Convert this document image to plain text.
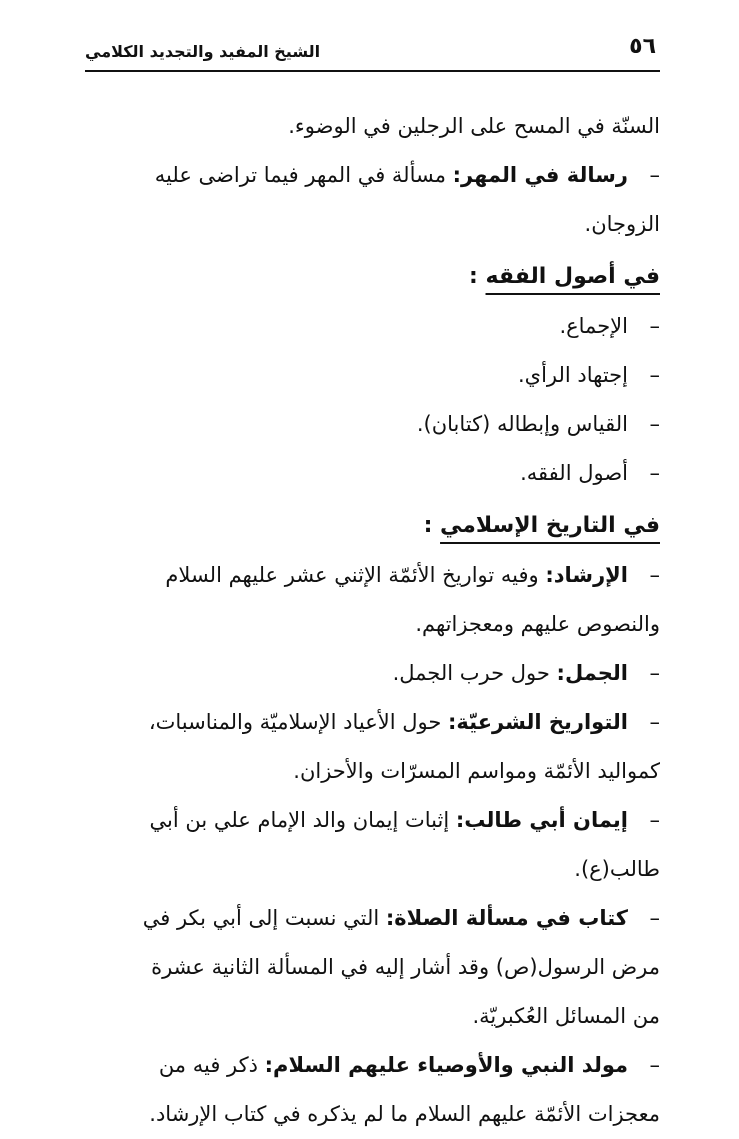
٥٦
الشيخ المفيد والتجديد الكلامي
السنّة في المسح على الرجلين في الوضوء.
–رسالة في المهر: مسألة في المهر فيما تراضى عليه
الزوجان.
في أصول الفقه :
–الإجماع.
–إجتهاد الرأي.
–القياس وإبطاله (كتابان).
–أصول الفقه.
في التاريخ الإسلامي :
–الإرشاد: وفيه تواريخ الأئمّة الإثني عشر عليهم السلام
والنصوص عليهم ومعجزاتهم.
–الجمل: حول حرب الجمل.
–التواريخ الشرعيّة: حول الأعياد الإسلاميّة والمناسبات،
كمواليد الأئمّة ومواسم المسرّات والأحزان.
–إيمان أبي طالب: إثبات إيمان والد الإمام علي بن أبي
طالب(ع).
–كتاب في مسألة الصلاة: التي نسبت إلى أبي بكر في
مرض الرسول(ص) وقد أشار إليه في المسألة الثانية عشرة
من المسائل العُكبريّة.
–مولد النبي والأوصياء عليهم السلام: ذكر فيه من
معجزات الأئمّة عليهم السلام ما لم يذكره في كتاب الإرشاد.
